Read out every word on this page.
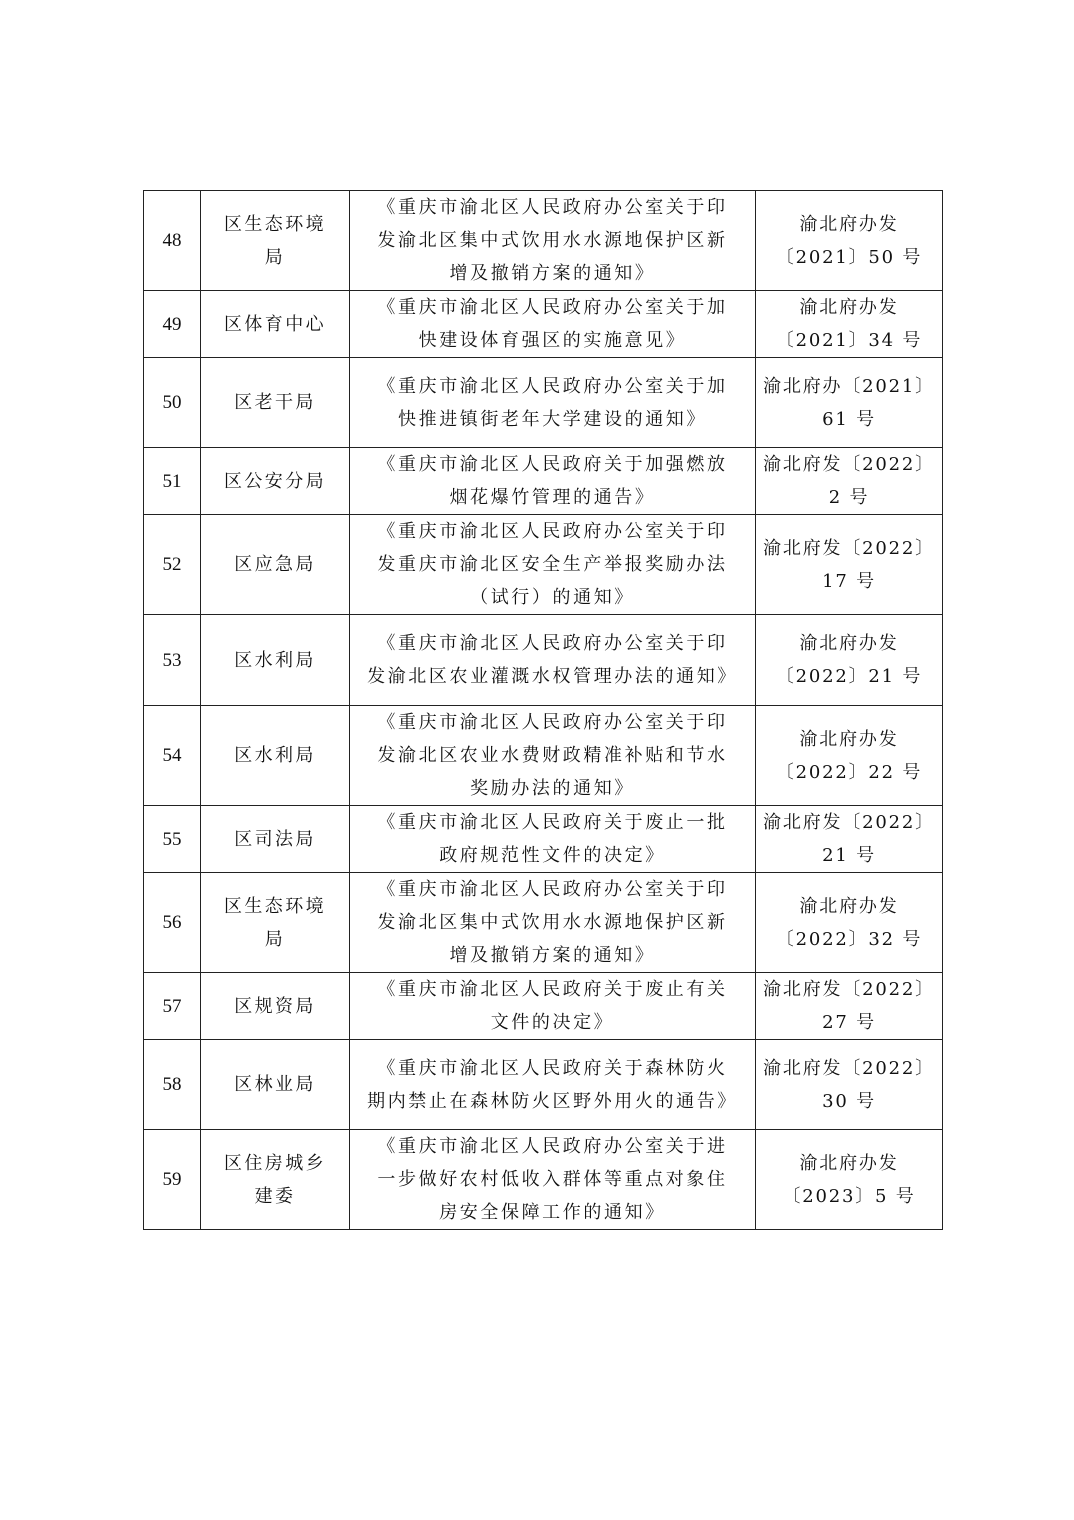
48	区生态环境
局	《重庆市渝北区人民政府办公室关于印
发渝北区集中式饮用水水源地保护区新
增及撤销方案的通知》	渝北府办发
〔2021〕50 号

49	区体育中心	《重庆市渝北区人民政府办公室关于加
快建设体育强区的实施意见》	渝北府办发
〔2021〕34 号

50	区老干局	《重庆市渝北区人民政府办公室关于加
快推进镇街老年大学建设的通知》	渝北府办〔2021〕
61 号

51	区公安分局	《重庆市渝北区人民政府关于加强燃放
烟花爆竹管理的通告》	渝北府发〔2022〕
2 号

52	区应急局	《重庆市渝北区人民政府办公室关于印
发重庆市渝北区安全生产举报奖励办法
（试行）的通知》	渝北府发〔2022〕
17 号

53	区水利局	《重庆市渝北区人民政府办公室关于印
发渝北区农业灌溉水权管理办法的通知》	渝北府办发
〔2022〕21 号

54	区水利局	《重庆市渝北区人民政府办公室关于印
发渝北区农业水费财政精准补贴和节水
奖励办法的通知》	渝北府办发
〔2022〕22 号

55	区司法局	《重庆市渝北区人民政府关于废止一批
政府规范性文件的决定》	渝北府发〔2022〕
21 号

56	区生态环境
局	《重庆市渝北区人民政府办公室关于印
发渝北区集中式饮用水水源地保护区新
增及撤销方案的通知》	渝北府办发
〔2022〕32 号

57	区规资局	《重庆市渝北区人民政府关于废止有关
文件的决定》	渝北府发〔2022〕
27 号

58	区林业局	《重庆市渝北区人民政府关于森林防火
期内禁止在森林防火区野外用火的通告》	渝北府发〔2022〕
30 号

59	区住房城乡
建委	《重庆市渝北区人民政府办公室关于进
一步做好农村低收入群体等重点对象住
房安全保障工作的通知》	渝北府办发
〔2023〕5 号
